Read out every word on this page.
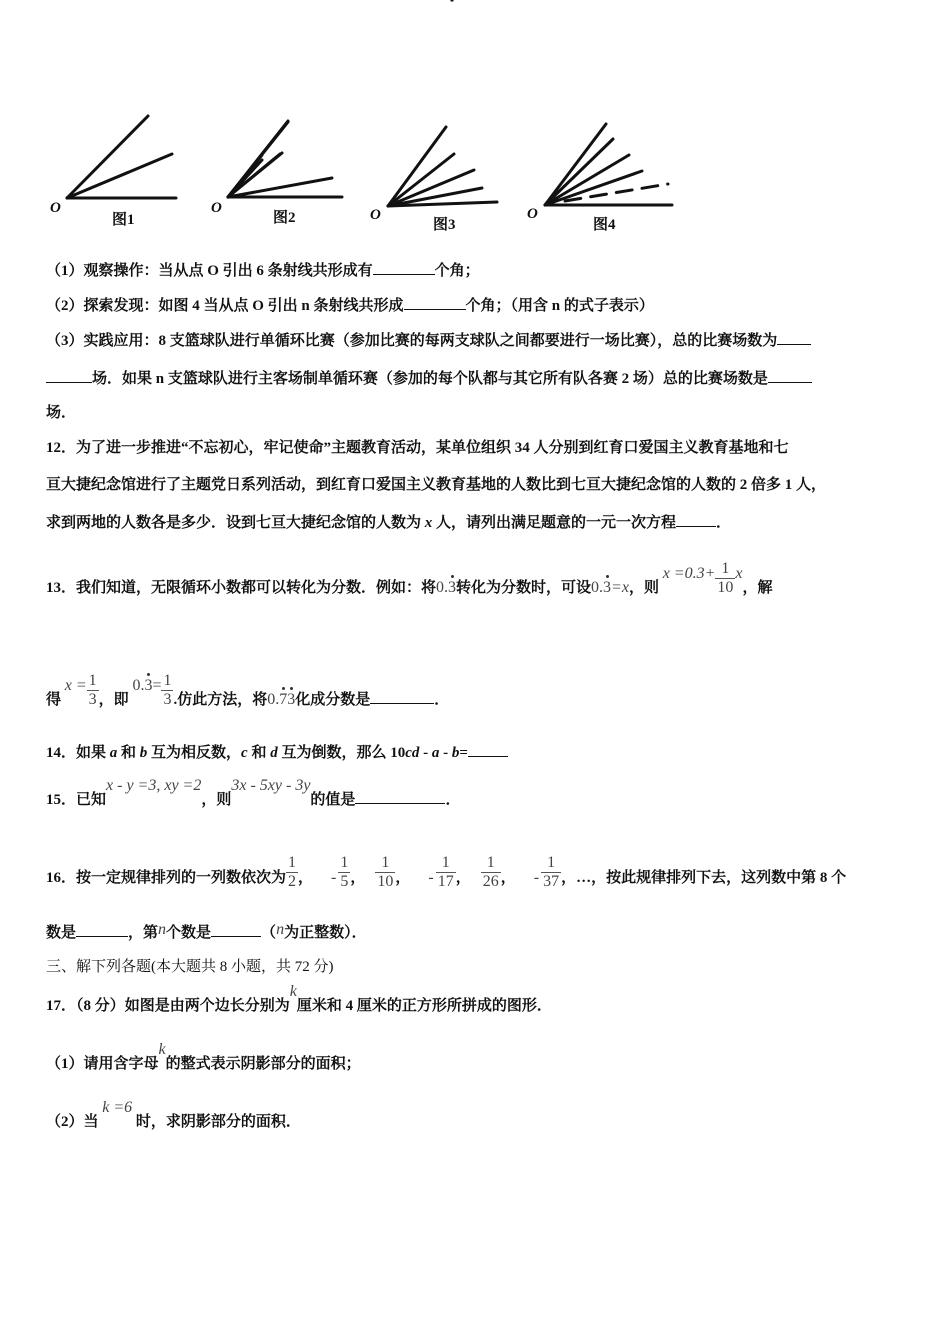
O	O	O	O
图1	图2	图3	图4
（1）观察操作：当从点 O 引出 6 条射线共形成有	个角；
（2）探索发现：如图 4 当从点 O 引出 n 条射线共形成	个角；（用含 n 的式子表示）
（3）实践应用：8 支篮球队进行单循环比赛（参加比赛的每两支球队之间都要进行一场比赛），总的比赛场数为
场．如果 n 支篮球队进行主客场制单循环赛（参加的每个队都与其它所有队各赛 2 场）总的比赛场数是
场．
12．为了进一步推进“不忘初心，牢记使命”主题教育活动，某单位组织 34 人分别到红育口爱国主义教育基地和七
亘大捷纪念馆进行了主题党日系列活动，到红育口爱国主义教育基地的人数比到七亘大捷纪念馆的人数的 2 倍多 1 人，
求到两地的人数各是多少．设到七亘大捷纪念馆的人数为 x 人，请列出满足题意的一元一次方程	．
13．我们知道，无限循环小数都可以转化为分数．例如：将0.3转化为分数时，可设0.3=x，则 $x =0.3+ \frac{1}{10}$ x，解
得 $x = \frac{1}{3}$ ，即 $0.3= \frac{1}{3}$ .仿此方法，将0.73化成分数是	．
14．如果 a 和 b 互为相反数，c 和 d 互为倒数，那么 10cd - a - b=
15．已知x - y =3, xy =2，则3x - 5xy - 3y的值是	．
16．按一定规律排列的一列数依次为 $\frac{1}{2}$ ， - $\frac{1}{5}$ ， $\frac{1}{10}$ ， - $\frac{1}{17}$ ， $\frac{1}{26}$ ， - $\frac{1}{37}$ ，…，按此规律排列下去，这列数中第 8 个
数是	，第n个数是	（n为正整数）．
三、解下列各题(本大题共 8 小题，共 72 分)
17．（8 分）如图是由两个边长分别为k厘米和 4 厘米的正方形所拼成的图形．
（1）请用含字母k的整式表示阴影部分的面积；
（2）当 k =6 时，求阴影部分的面积．
